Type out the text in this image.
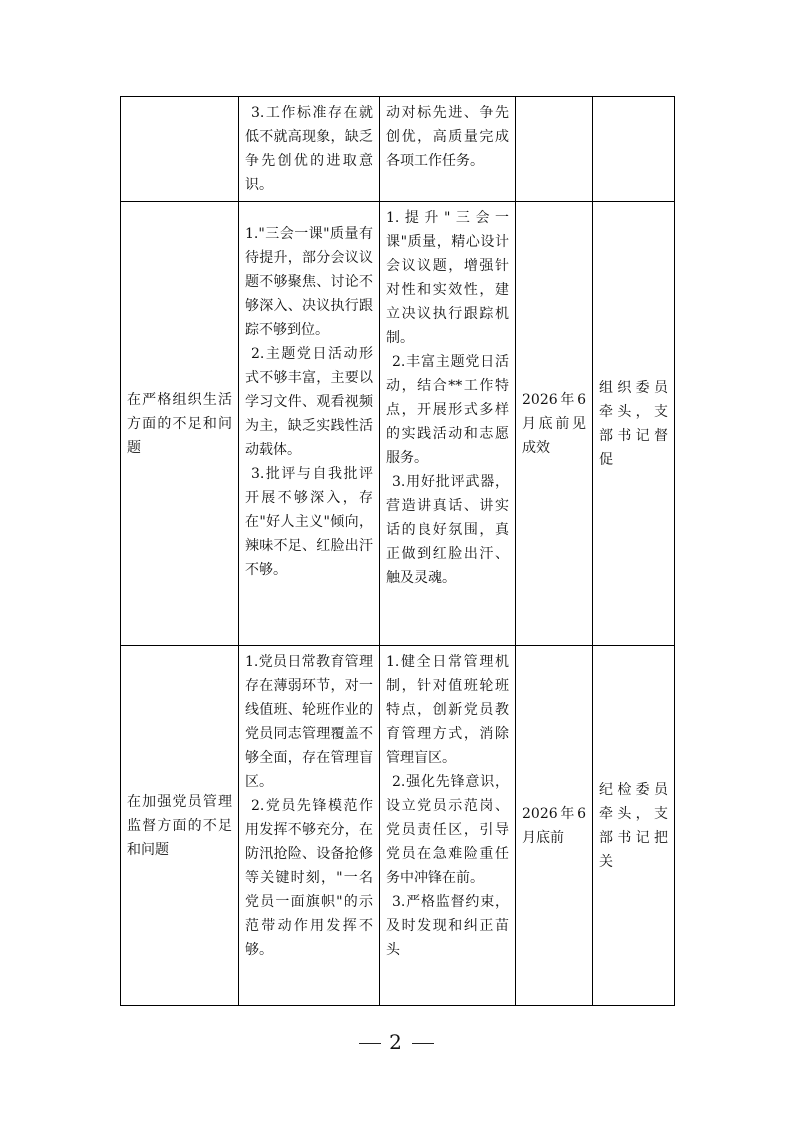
	3.工作标准存在就低不就高现象，缺乏争先创优的进取意识。	动对标先进、争先创优，高质量完成各项工作任务。		

在严格组织生活方面的不足和问题	1."三会一课"质量有待提升，部分会议议题不够聚焦、讨论不够深入、决议执行跟踪不够到位。
2.主题党日活动形式不够丰富，主要以学习文件、观看视频为主，缺乏实践性活动载体。
3.批评与自我批评开展不够深入，存在"好人主义"倾向，辣味不足、红脸出汗不够。	1.提升"三会一课"质量，精心设计会议议题，增强针对性和实效性，建立决议执行跟踪机制。
2.丰富主题党日活动，结合**工作特点，开展形式多样的实践活动和志愿服务。
3.用好批评武器，营造讲真话、讲实话的良好氛围，真正做到红脸出汗、触及灵魂。	2026年6月底前见成效	组织委员牵头，支部书记督促

在加强党员管理监督方面的不足和问题	1.党员日常教育管理存在薄弱环节，对一线值班、轮班作业的党员同志管理覆盖不够全面，存在管理盲区。
2.党员先锋模范作用发挥不够充分，在防汛抢险、设备抢修等关键时刻，"一名党员一面旗帜"的示范带动作用发挥不够。	1.健全日常管理机制，针对值班轮班特点，创新党员教育管理方式，消除管理盲区。
2.强化先锋意识，设立党员示范岗、党员责任区，引导党员在急难险重任务中冲锋在前。
3.严格监督约束，及时发现和纠正苗头	2026年6月底前	纪检委员牵头，支部书记把关
2
